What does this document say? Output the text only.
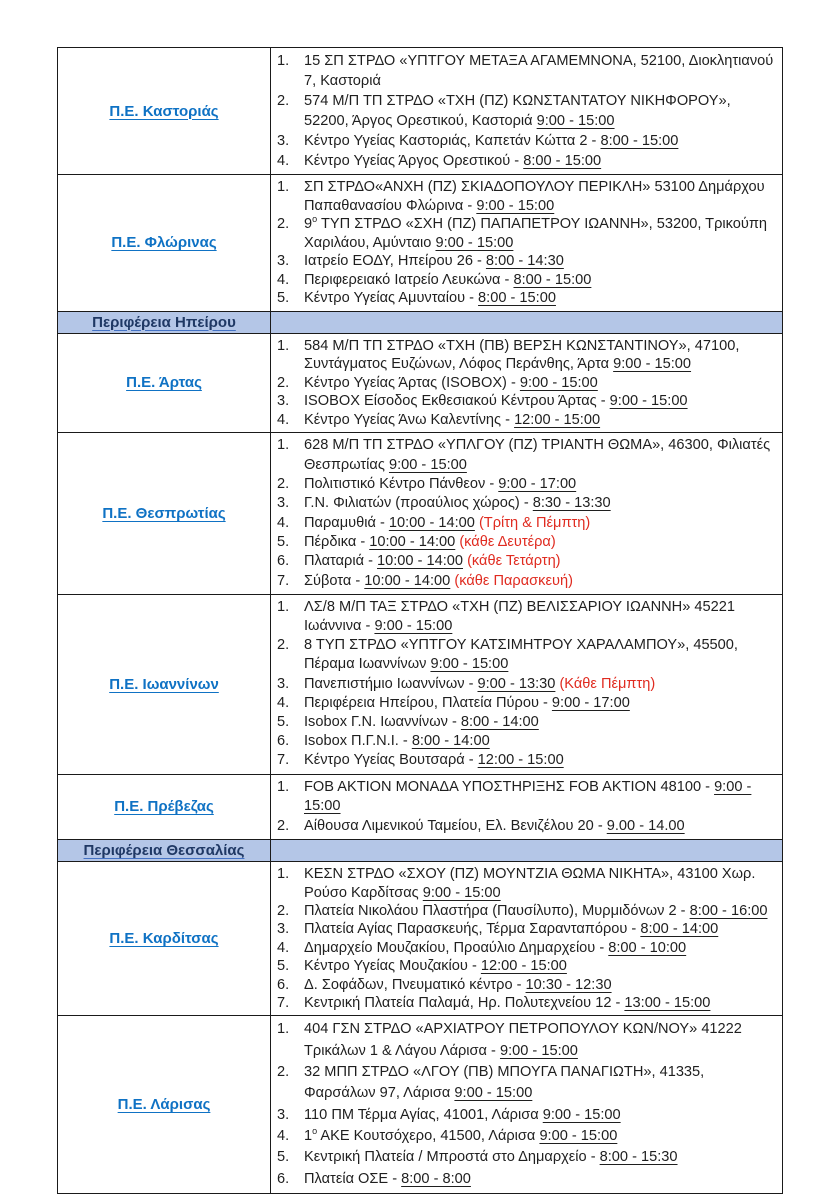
Π.Ε. Καστοριάς
1.	15 ΣΠ ΣΤΡΔΟ «ΥΠΤΓΟΥ ΜΕΤΑΞΑ ΑΓΑΜΕΜΝΟΝΑ, 52100, Διοκλητιανού 7, Καστοριά
2.	574 Μ/Π ΤΠ ΣΤΡΔΟ «ΤΧΗ (ΠΖ) ΚΩΝΣΤΑΝΤΑΤΟΥ ΝΙΚΗΦΟΡΟΥ», 52200, Άργος Ορεστικού, Καστοριά 9:00 - 15:00
3.	Κέντρο Υγείας Καστοριάς, Καπετάν Κώττα 2 - 8:00 - 15:00
4.	Κέντρο Υγείας Άργος Ορεστικού - 8:00 - 15:00
Π.Ε. Φλώρινας
1.	ΣΠ ΣΤΡΔΟ«ΑΝΧΗ (ΠΖ) ΣΚΙΑΔΟΠΟΥΛΟΥ ΠΕΡΙΚΛΗ» 53100 Δημάρχου Παπαθανασίου Φλώρινα - 9:00 - 15:00
2.	$9^o$ ΤΥΠ ΣΤΡΔΟ «ΣΧΗ (ΠΖ) ΠΑΠΑΠΕΤΡΟΥ ΙΩΑΝΝΗ», 53200, Τρικούπη Χαριλάου, Αμύνταιο 9:00 - 15:00
3.	Ιατρείο ΕΟΔΥ, Ηπείρου 26 - 8:00 - 14:30
4.	Περιφερειακό Ιατρείο Λευκώνα - 8:00 - 15:00
5.	Κέντρο Υγείας Αμυνταίου - 8:00 - 15:00
Περιφέρεια Ηπείρου
Π.Ε. Άρτας
1.	584 Μ/Π ΤΠ ΣΤΡΔΟ «ΤΧΗ (ΠΒ) ΒΕΡΣΗ ΚΩΝΣΤΑΝΤΙΝΟΥ», 47100, Συντάγματος Ευζώνων, Λόφος Περάνθης, Άρτα 9:00 - 15:00
2.	Κέντρο Υγείας Άρτας (ISOBOX) - 9:00 - 15:00
3.	ISOBOX Είσοδος Εκθεσιακού Κέντρου Άρτας - 9:00 - 15:00
4.	Κέντρο Υγείας Άνω Καλεντίνης - 12:00 - 15:00
Π.Ε. Θεσπρωτίας
1.	628 Μ/Π ΤΠ ΣΤΡΔΟ «ΥΠΛΓΟΥ (ΠΖ) ΤΡΙΑΝΤΗ ΘΩΜΑ», 46300, Φιλιατές Θεσπρωτίας 9:00 - 15:00
2.	Πολιτιστικό Κέντρο Πάνθεον - 9:00 - 17:00
3.	Γ.Ν. Φιλιατών (προαύλιος χώρος) - 8:30 - 13:30
4.	Παραμυθιά - 10:00 - 14:00 (Τρίτη & Πέμπτη)
5.	Πέρδικα - 10:00 - 14:00 (κάθε Δευτέρα)
6.	Πλαταριά - 10:00 - 14:00 (κάθε Τετάρτη)
7.	Σύβοτα - 10:00 - 14:00 (κάθε Παρασκευή)
Π.Ε. Ιωαννίνων
1.	ΛΣ/8 Μ/Π ΤΑΞ ΣΤΡΔΟ «ΤΧΗ (ΠΖ) ΒΕΛΙΣΣΑΡΙΟΥ ΙΩΑΝΝΗ» 45221 Ιωάννινα - 9:00 - 15:00
2.	8 ΤΥΠ ΣΤΡΔΟ «ΥΠΤΓΟΥ ΚΑΤΣΙΜΗΤΡΟΥ ΧΑΡΑΛΑΜΠΟΥ», 45500, Πέραμα Ιωαννίνων 9:00 - 15:00
3.	Πανεπιστήμιο Ιωαννίνων - 9:00 - 13:30 (Κάθε Πέμπτη)
4.	Περιφέρεια Ηπείρου, Πλατεία Πύρου - 9:00 - 17:00
5.	Isobox Γ.Ν. Ιωαννίνων - 8:00 - 14:00
6.	Isobox Π.Γ.Ν.Ι. - 8:00 - 14:00
7.	Κέντρο Υγείας Βουτσαρά - 12:00 - 15:00
Π.Ε. Πρέβεζας
1.	FOB AKTION ΜΟΝΑΔΑ ΥΠΟΣΤΗΡΙΞΗΣ FOB AKTION 48100 - 9:00 - 15:00
2.	Αίθουσα Λιμενικού Ταμείου, Ελ. Βενιζέλου 20 - 9.00 - 14.00
Περιφέρεια Θεσσαλίας
Π.Ε. Καρδίτσας
1.	ΚΕΣΝ ΣΤΡΔΟ «ΣΧΟΥ (ΠΖ) ΜΟΥΝΤΖΙΑ ΘΩΜΑ ΝΙΚΗΤΑ», 43100 Χωρ. Ρούσο Καρδίτσας 9:00 - 15:00
2.	Πλατεία Νικολάου Πλαστήρα (Παυσίλυπο), Μυρμιδόνων 2 - 8:00 - 16:00
3.	Πλατεία Αγίας Παρασκευής, Τέρμα Σαρανταπόρου - 8:00 - 14:00
4.	Δημαρχείο Μουζακίου, Προαύλιο Δημαρχείου - 8:00 - 10:00
5.	Κέντρο Υγείας Μουζακίου - 12:00 - 15:00
6.	Δ. Σοφάδων, Πνευματικό κέντρο - 10:30 - 12:30
7.	Κεντρική Πλατεία Παλαμά, Ηρ. Πολυτεχνείου 12 - 13:00 - 15:00
Π.Ε. Λάρισας
1.	404 ΓΣΝ ΣΤΡΔΟ «ΑΡΧΙΑΤΡΟΥ ΠΕΤΡΟΠΟΥΛΟΥ ΚΩΝ/ΝΟΥ» 41222 Τρικάλων 1 & Λάγου Λάρισα - 9:00 - 15:00
2.	32 ΜΠΠ ΣΤΡΔΟ «ΛΓΟΥ (ΠΒ) ΜΠΟΥΓΑ ΠΑΝΑΓΙΩΤΗ», 41335, Φαρσάλων 97, Λάρισα 9:00 - 15:00
3.	110 ΠΜ Τέρμα Αγίας, 41001, Λάρισα 9:00 - 15:00
4.	$1^o$ ΑΚΕ Κουτσόχερο, 41500, Λάρισα 9:00 - 15:00
5.	Κεντρική Πλατεία / Μπροστά στο Δημαρχείο - 8:00 - 15:30
6.	Πλατεία ΟΣΕ - 8:00 - 8:00
